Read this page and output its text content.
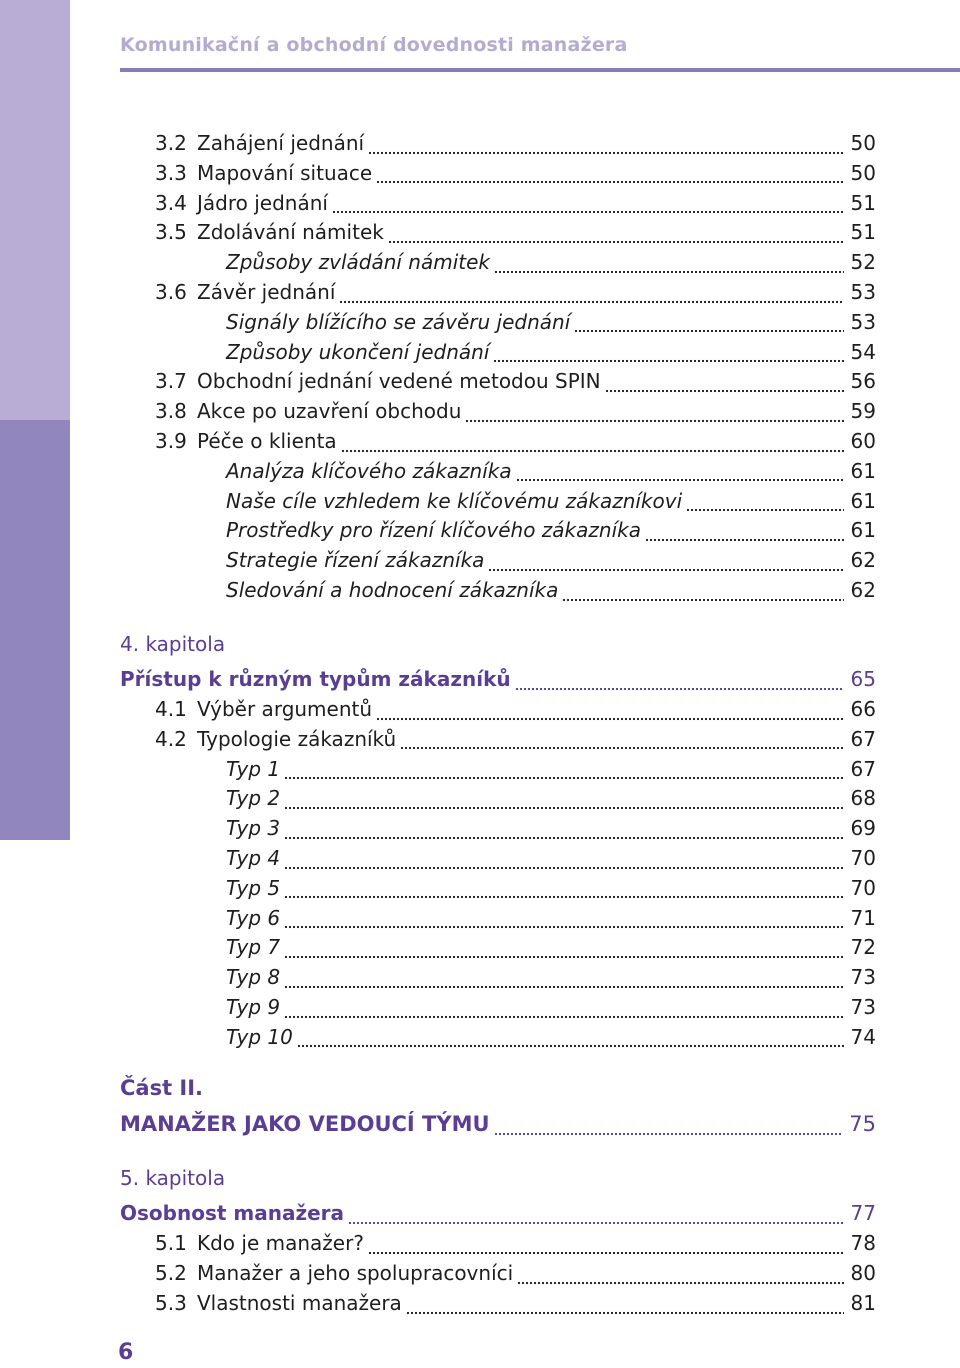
Komunikační a obchodní dovednosti manažera
3.2 Zahájení jednání	50
3.3 Mapování situace	50
3.4 Jádro jednání	51
3.5 Zdolávání námitek	51
Způsoby zvládání námitek	52
3.6 Závěr jednání	53
Signály blížícího se závěru jednání	53
Způsoby ukončení jednání	54
3.7 Obchodní jednání vedené metodou SPIN	56
3.8 Akce po uzavření obchodu	59
3.9 Péče o klienta	60
Analýza klíčového zákazníka	61
Naše cíle vzhledem ke klíčovému zákazníkovi	61
Prostředky pro řízení klíčového zákazníka	61
Strategie řízení zákazníka	62
Sledování a hodnocení zákazníka	62
4. kapitola
Přístup k různým typům zákazníků	65
4.1 Výběr argumentů	66
4.2 Typologie zákazníků	67
Typ 1	67
Typ 2	68
Typ 3	69
Typ 4	70
Typ 5	70
Typ 6	71
Typ 7	72
Typ 8	73
Typ 9	73
Typ 10	74
Část II.
MANAŽER JAKO VEDOUCÍ TÝMU	75
5. kapitola
Osobnost manažera	77
5.1 Kdo je manažer?	78
5.2 Manažer a jeho spolupracovníci	80
5.3 Vlastnosti manažera	81
6
